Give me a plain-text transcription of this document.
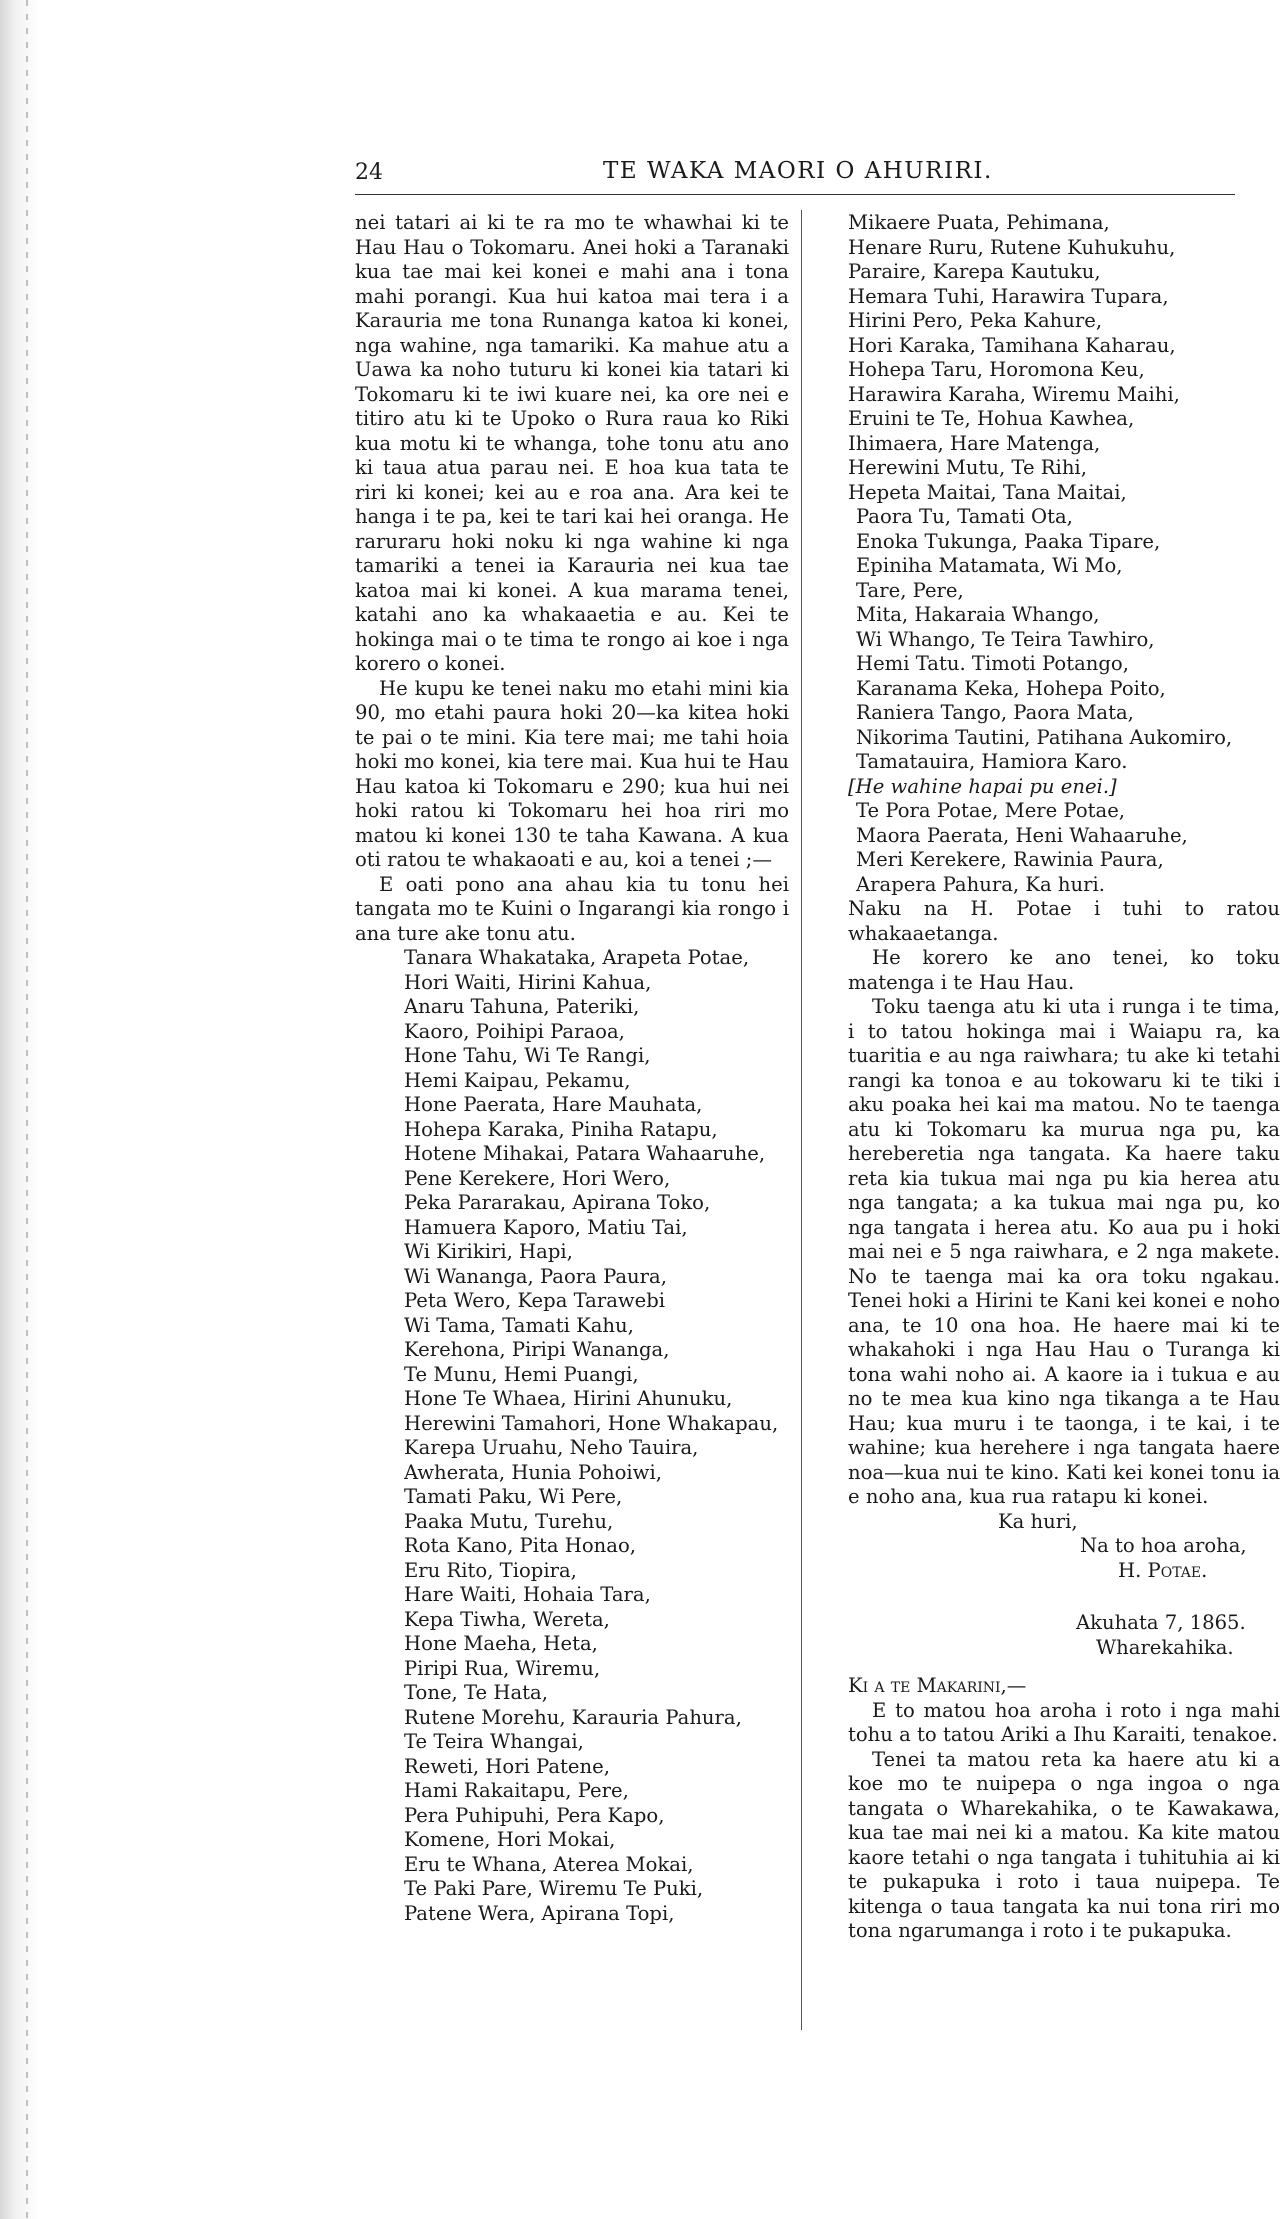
24	TE WAKA MAORI O AHURIRI.

nei tatari ai ki te ra mo te whawhai ki te Hau Hau o Tokomaru. Anei hoki a Taranaki kua tae mai kei konei e mahi ana i tona mahi porangi. Kua hui katoa mai tera i a Karauria me tona Runanga katoa ki konei, nga wahine, nga tamariki. Ka mahue atu a Uawa ka noho tuturu ki konei kia tatari ki Tokomaru ki te iwi kuare nei, ka ore nei e titiro atu ki te Upoko o Rura raua ko Riki kua motu ki te whanga, tohe tonu atu ano ki taua atua parau nei. E hoa kua tata te riri ki konei; kei au e roa ana. Ara kei te hanga i te pa, kei te tari kai hei oranga. He raruraru hoki noku ki nga wahine ki nga tamariki a tenei ia Karauria nei kua tae katoa mai ki konei. A kua marama tenei, katahi ano ka whakaaetia e au. Kei te hokinga mai o te tima te rongo ai koe i nga korero o konei.

He kupu ke tenei naku mo etahi mini kia 90, mo etahi paura hoki 20—ka kitea hoki te pai o te mini. Kia tere mai; me tahi hoia hoki mo konei, kia tere mai. Kua hui te Hau Hau katoa ki Tokomaru e 290; kua hui nei hoki ratou ki Tokomaru hei hoa riri mo matou ki konei 130 te taha Kawana. A kua oti ratou te whakaoati e au, koi a tenei ;—

E oati pono ana ahau kia tu tonu hei tangata mo te Kuini o Ingarangi kia rongo i ana ture ake tonu atu.

Tanara Whakataka, Arapeta Potae,
Hori Waiti, Hirini Kahua,
Anaru Tahuna, Pateriki,
Kaoro, Poihipi Paraoa,
Hone Tahu, Wi Te Rangi,
Hemi Kaipau, Pekamu,
Hone Paerata, Hare Mauhata,
Hohepa Karaka, Piniha Ratapu,
Hotene Mihakai, Patara Wahaaruhe,
Pene Kerekere, Hori Wero,
Peka Pararakau, Apirana Toko,
Hamuera Kaporo, Matiu Tai,
Wi Kirikiri, Hapi,
Wi Wananga, Paora Paura,
Peta Wero, Kepa Tarawebi
Wi Tama, Tamati Kahu,
Kerehona, Piripi Wananga,
Te Munu, Hemi Puangi,
Hone Te Whaea, Hirini Ahunuku,
Herewini Tamahori, Hone Whakapau,
Karepa Uruahu, Neho Tauira,
Awherata, Hunia Pohoiwi,
Tamati Paku, Wi Pere,
Paaka Mutu, Turehu,
Rota Kano, Pita Honao,
Eru Rito, Tiopira,
Hare Waiti, Hohaia Tara,
Kepa Tiwha, Wereta,
Hone Maeha, Heta,
Piripi Rua, Wiremu,
Tone, Te Hata,
Rutene Morehu, Karauria Pahura,
Te Teira Whangai,
Reweti, Hori Patene,
Hami Rakaitapu, Pere,
Pera Puhipuhi, Pera Kapo,
Komene, Hori Mokai,
Eru te Whana, Aterea Mokai,
Te Paki Pare, Wiremu Te Puki,
Patene Wera, Apirana Topi,
Mikaere Puata, Pehimana,
Henare Ruru, Rutene Kuhukuhu,
Paraire, Karepa Kautuku,
Hemara Tuhi, Harawira Tupara,
Hirini Pero, Peka Kahure,
Hori Karaka, Tamihana Kaharau,
Hohepa Taru, Horomona Keu,
Harawira Karaha, Wiremu Maihi,
Eruini te Te, Hohua Kawhea,
Ihimaera, Hare Matenga,
Herewini Mutu, Te Rihi,
Hepeta Maitai, Tana Maitai,
Paora Tu, Tamati Ota,
Enoka Tukunga, Paaka Tipare,
Epiniha Matamata, Wi Mo,
Tare, Pere,
Mita, Hakaraia Whango,
Wi Whango, Te Teira Tawhiro,
Hemi Tatu. Timoti Potango,
Karanama Keka, Hohepa Poito,
Raniera Tango, Paora Mata,
Nikorima Tautini, Patihana Aukomiro,
Tamatauira, Hamiora Karo.
[He wahine hapai pu enei.]
Te Pora Potae, Mere Potae,
Maora Paerata, Heni Wahaaruhe,
Meri Kerekere, Rawinia Paura,
Arapera Pahura, Ka huri.

Naku na H. Potae i tuhi to ratou whakaaetanga.

He korero ke ano tenei, ko toku matenga i te Hau Hau.

Toku taenga atu ki uta i runga i te tima, i to tatou hokinga mai i Waiapu ra, ka tuaritia e au nga raiwhara; tu ake ki tetahi rangi ka tonoa e au tokowaru ki te tiki i aku poaka hei kai ma matou. No te taenga atu ki Tokomaru ka murua nga pu, ka hereberetia nga tangata. Ka haere taku reta kia tukua mai nga pu kia herea atu nga tangata; a ka tukua mai nga pu, ko nga tangata i herea atu. Ko aua pu i hoki mai nei e 5 nga raiwhara, e 2 nga makete. No te taenga mai ka ora toku ngakau. Tenei hoki a Hirini te Kani kei konei e noho ana, te 10 ona hoa. He haere mai ki te whakahoki i nga Hau Hau o Turanga ki tona wahi noho ai. A kaore ia i tukua e au no te mea kua kino nga tikanga a te Hau Hau; kua muru i te taonga, i te kai, i te wahine; kua herehere i nga tangata haere noa—kua nui te kino. Kati kei konei tonu ia e noho ana, kua rua ratapu ki konei.

Ka huri,

Na to hoa aroha,

H. Potae.

Akuhata 7, 1865.

Wharekahika.

Ki a te Makarini,—

E to matou hoa aroha i roto i nga mahi tohu a to tatou Ariki a Ihu Karaiti, tenakoe.

Tenei ta matou reta ka haere atu ki a koe mo te nuipepa o nga ingoa o nga tangata o Wharekahika, o te Kawakawa, kua tae mai nei ki a matou. Ka kite matou kaore tetahi o nga tangata i tuhituhia ai ki te pukapuka i roto i taua nuipepa. Te kitenga o taua tangata ka nui tona riri mo tona ngarumanga i roto i te pukapuka.
